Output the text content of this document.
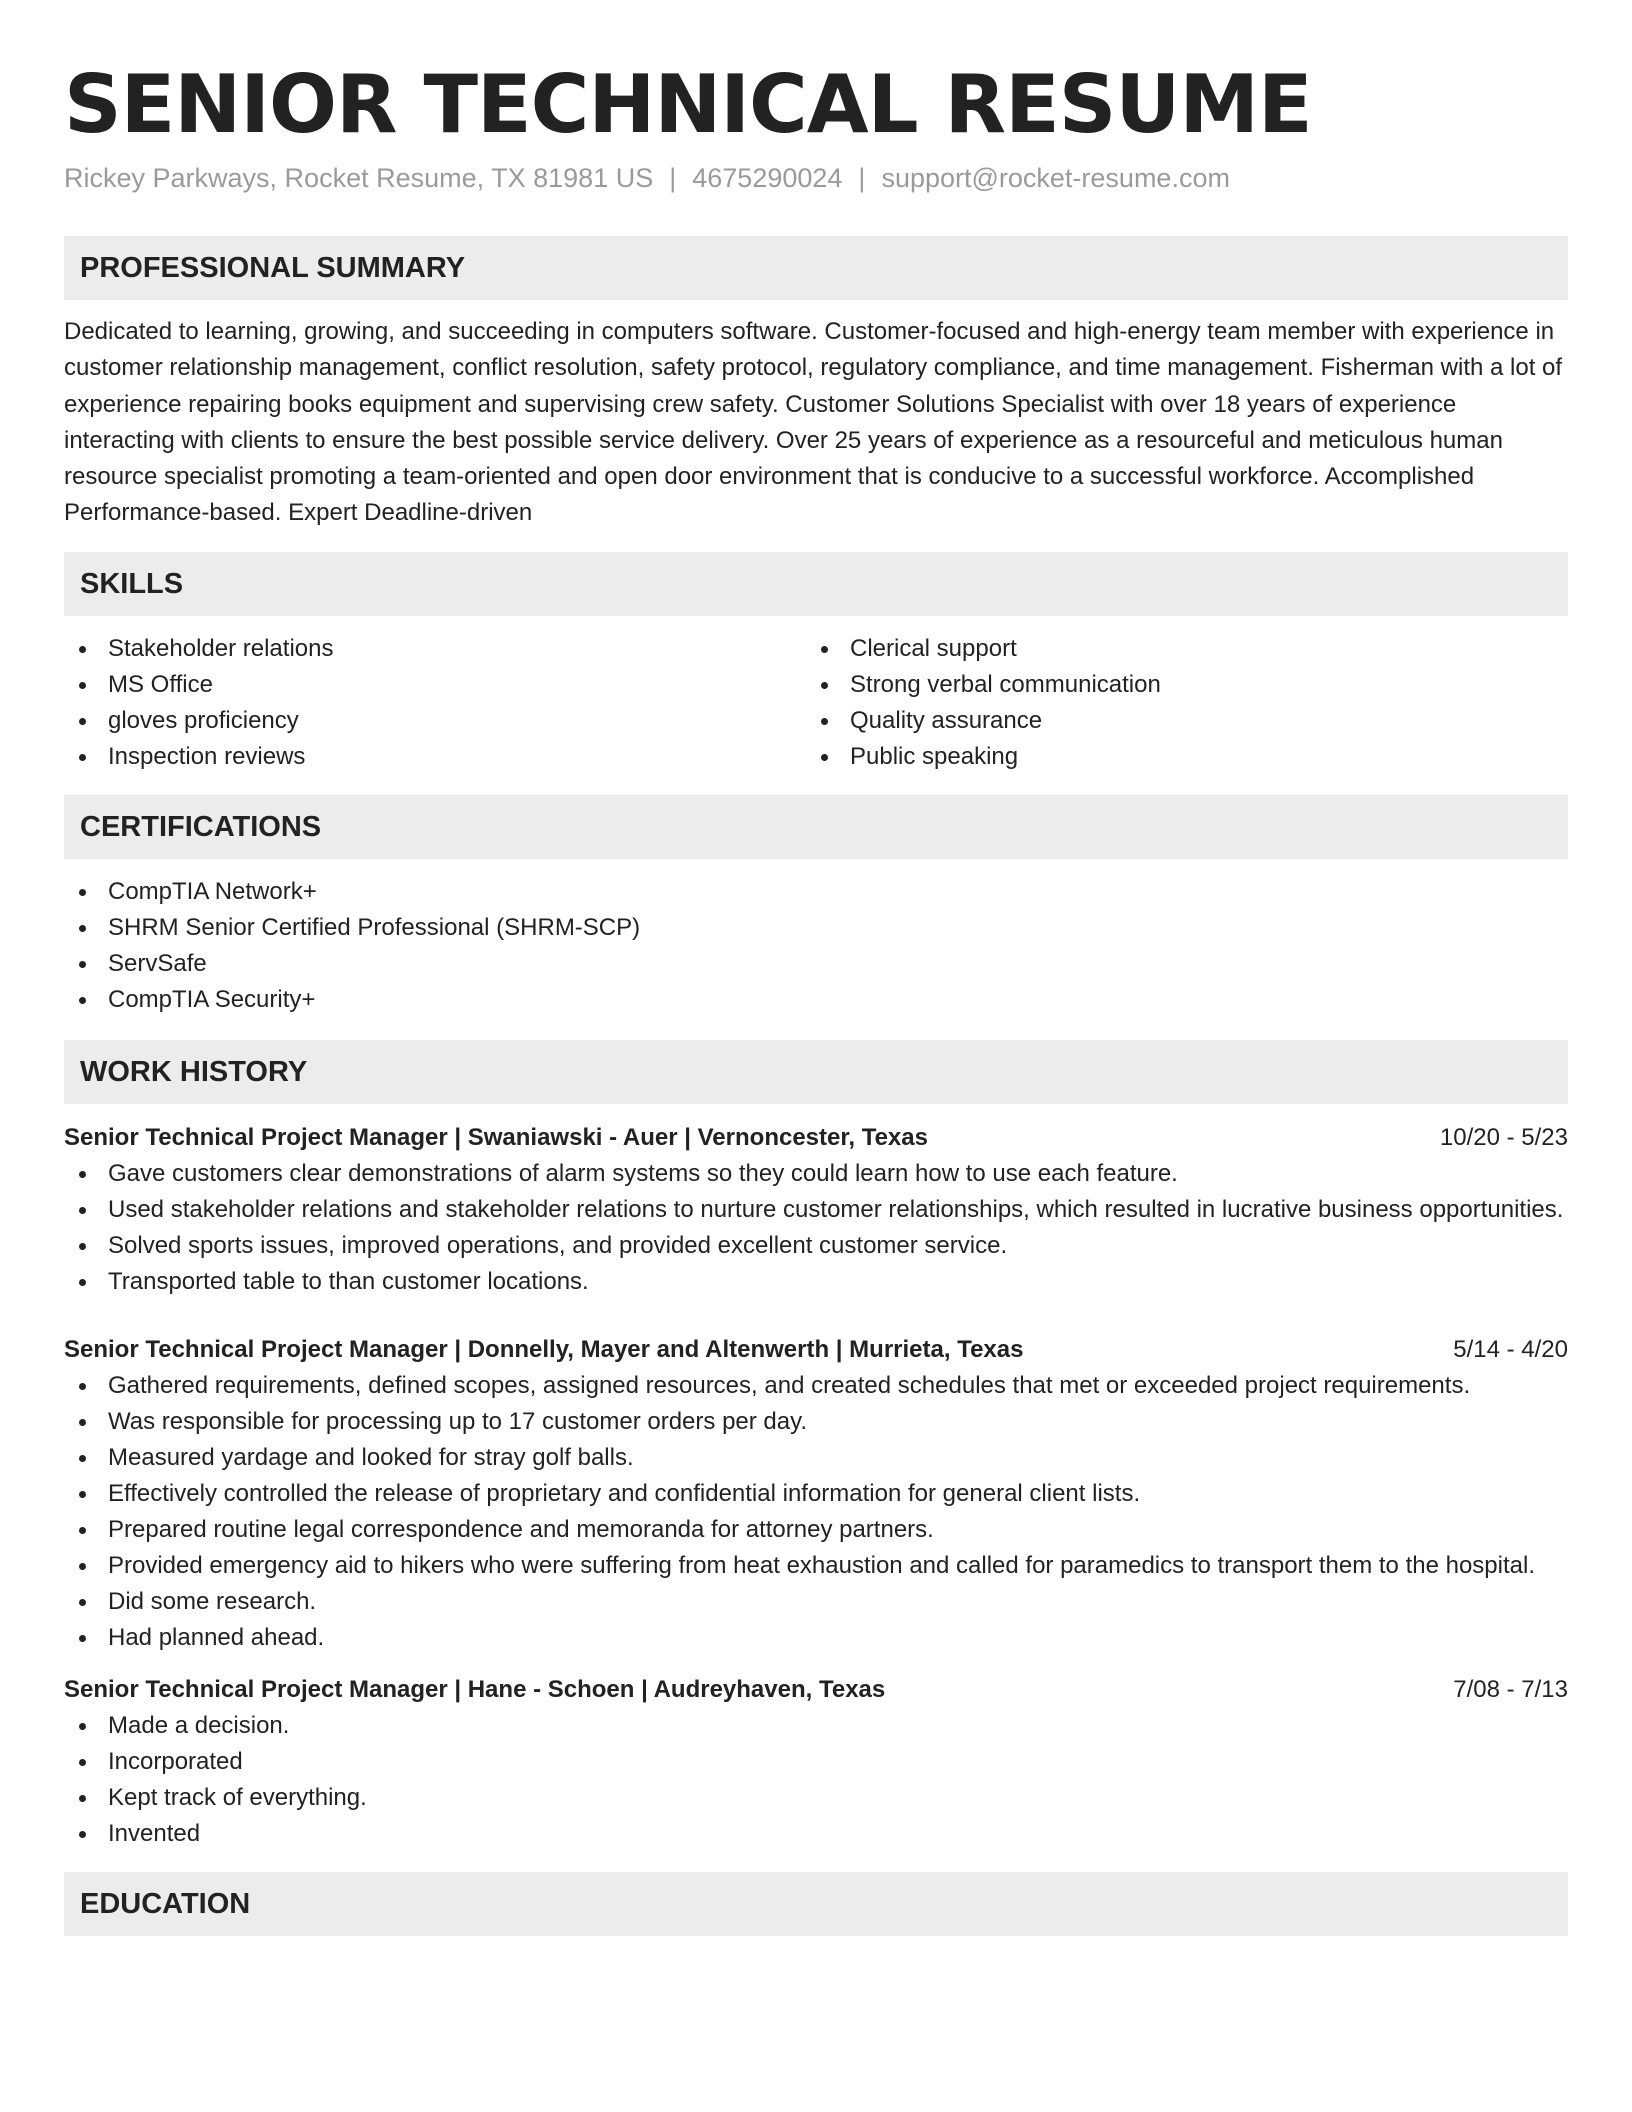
SENIOR TECHNICAL RESUME
Rickey Parkways, Rocket Resume, TX 81981 US | 4675290024 | support@rocket-resume.com
PROFESSIONAL SUMMARY

Dedicated to learning, growing, and succeeding in computers software. Customer-focused and high-energy team member with experience in customer relationship management, conflict resolution, safety protocol, regulatory compliance, and time management. Fisherman with a lot of experience repairing books equipment and supervising crew safety. Customer Solutions Specialist with over 18 years of experience interacting with clients to ensure the best possible service delivery. Over 25 years of experience as a resourceful and meticulous human resource specialist promoting a team-oriented and open door environment that is conducive to a successful workforce. Accomplished Performance-based. Expert Deadline-driven

SKILLS
Stakeholder relations
MS Office
gloves proficiency
Inspection reviews
Clerical support
Strong verbal communication
Quality assurance
Public speaking
CERTIFICATIONS
CompTIA Network+
SHRM Senior Certified Professional (SHRM-SCP)
ServSafe
CompTIA Security+
WORK HISTORY
Senior Technical Project Manager | Swaniawski - Auer | Vernoncester, Texas	10/20 - 5/23
Gave customers clear demonstrations of alarm systems so they could learn how to use each feature.
Used stakeholder relations and stakeholder relations to nurture customer relationships, which resulted in lucrative business opportunities.
Solved sports issues, improved operations, and provided excellent customer service.
Transported table to than customer locations.
Senior Technical Project Manager | Donnelly, Mayer and Altenwerth | Murrieta, Texas	5/14 - 4/20
Gathered requirements, defined scopes, assigned resources, and created schedules that met or exceeded project requirements.
Was responsible for processing up to 17 customer orders per day.
Measured yardage and looked for stray golf balls.
Effectively controlled the release of proprietary and confidential information for general client lists.
Prepared routine legal correspondence and memoranda for attorney partners.
Provided emergency aid to hikers who were suffering from heat exhaustion and called for paramedics to transport them to the hospital.
Did some research.
Had planned ahead.
Senior Technical Project Manager | Hane - Schoen | Audreyhaven, Texas	7/08 - 7/13
Made a decision.
Incorporated
Kept track of everything.
Invented
EDUCATION
